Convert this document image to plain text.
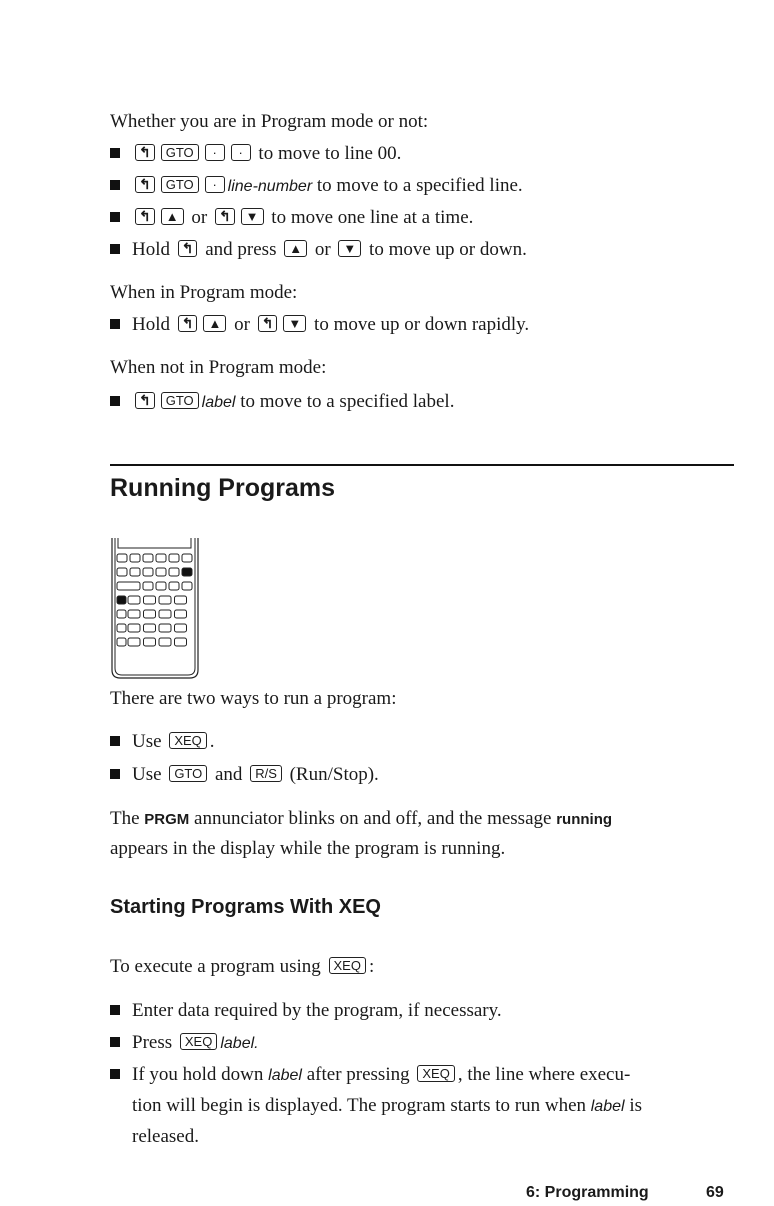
Whether you are in Program mode or not:
↰ GTO · · to move to line 00.
↰ GTO · line-number to move to a specified line.
↰ ▲ or ↰ ▼ to move one line at a time.
Hold ↰ and press ▲ or ▼ to move up or down.
When in Program mode:
Hold ↰ ▲ or ↰ ▼ to move up or down rapidly.
When not in Program mode:
↰ GTO label to move to a specified label.
Running Programs
There are two ways to run a program:
Use XEQ .
Use GTO and R/S (Run/Stop).
The PRGM annunciator blinks on and off, and the message running
appears in the display while the program is running.
Starting Programs With XEQ
To execute a program using XEQ :
Enter data required by the program, if necessary.
Press XEQ label.
If you hold down label after pressing XEQ , the line where execu-
tion will begin is displayed. The program starts to run when label is
released.
6: Programming	69
